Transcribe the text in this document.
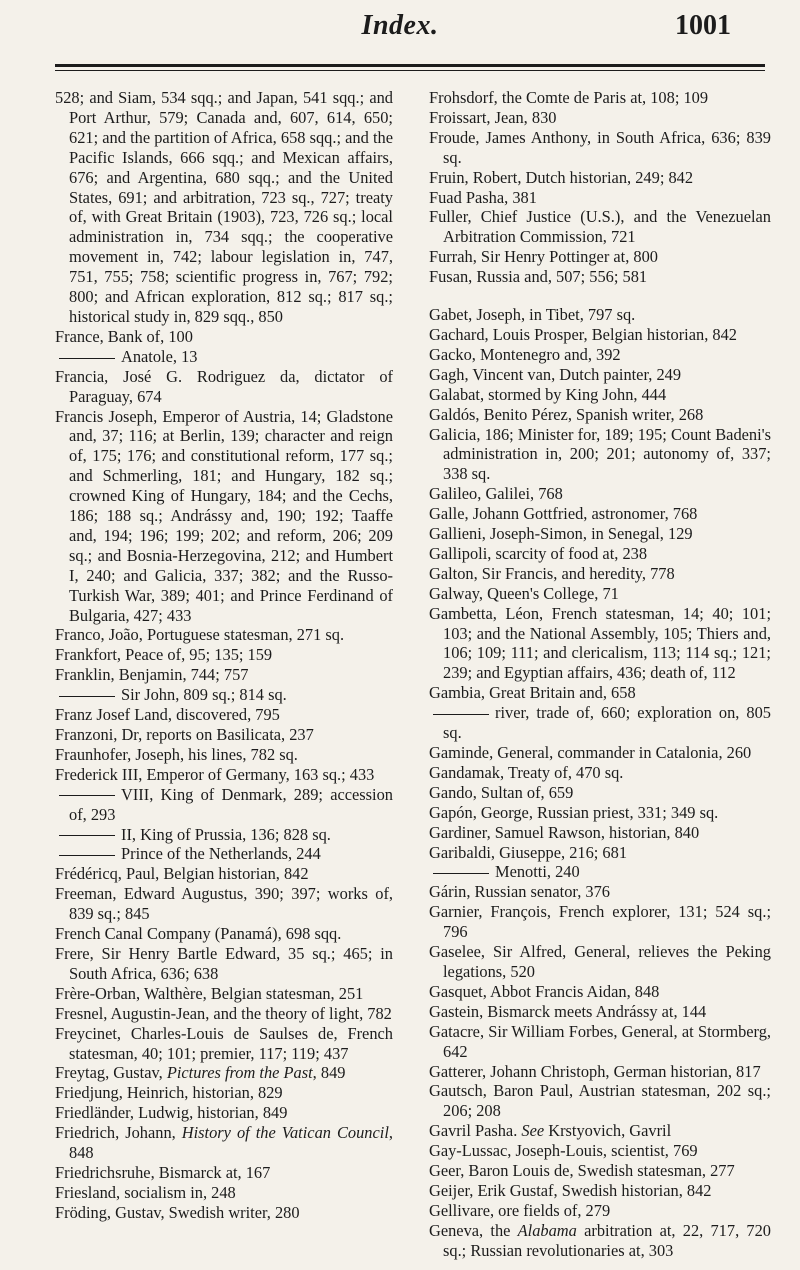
Index.	1001
528; and Siam, 534 sqq.; and Japan, 541 sqq.; and Port Arthur, 579; Canada and, 607, 614, 650; 621; and the partition of Africa, 658 sqq.; and the Pacific Islands, 666 sqq.; and Mexican affairs, 676; and Argentina, 680 sqq.; and the United States, 691; and arbitration, 723 sq., 727; treaty of, with Great Britain (1903), 723, 726 sq.; local administration in, 734 sqq.; the cooperative movement in, 742; labour legislation in, 747, 751, 755; 758; scientific progress in, 767; 792; 800; and African exploration, 812 sq.; 817 sq.; historical study in, 829 sqq., 850
France, Bank of, 100
Anatole, 13
Francia, José G. Rodriguez da, dictator of Paraguay, 674
Francis Joseph, Emperor of Austria, 14; Gladstone and, 37; 116; at Berlin, 139; character and reign of, 175; 176; and constitutional reform, 177 sq.; and Schmerling, 181; and Hungary, 182 sq.; crowned King of Hungary, 184; and the Cechs, 186; 188 sq.; Andrássy and, 190; 192; Taaffe and, 194; 196; 199; 202; and reform, 206; 209 sq.; and Bosnia-Herzegovina, 212; and Humbert I, 240; and Galicia, 337; 382; and the Russo-Turkish War, 389; 401; and Prince Ferdinand of Bulgaria, 427; 433
Franco, João, Portuguese statesman, 271 sq.
Frankfort, Peace of, 95; 135; 159
Franklin, Benjamin, 744; 757
Sir John, 809 sq.; 814 sq.
Franz Josef Land, discovered, 795
Franzoni, Dr, reports on Basilicata, 237
Fraunhofer, Joseph, his lines, 782 sq.
Frederick III, Emperor of Germany, 163 sq.; 433
VIII, King of Denmark, 289; accession of, 293
II, King of Prussia, 136; 828 sq.
Prince of the Netherlands, 244
Frédéricq, Paul, Belgian historian, 842
Freeman, Edward Augustus, 390; 397; works of, 839 sq.; 845
French Canal Company (Panamá), 698 sqq.
Frere, Sir Henry Bartle Edward, 35 sq.; 465; in South Africa, 636; 638
Frère-Orban, Walthère, Belgian statesman, 251
Fresnel, Augustin-Jean, and the theory of light, 782
Freycinet, Charles-Louis de Saulses de, French statesman, 40; 101; premier, 117; 119; 437
Freytag, Gustav, Pictures from the Past, 849
Friedjung, Heinrich, historian, 829
Friedländer, Ludwig, historian, 849
Friedrich, Johann, History of the Vatican Council, 848
Friedrichsruhe, Bismarck at, 167
Friesland, socialism in, 248
Fröding, Gustav, Swedish writer, 280
Frohsdorf, the Comte de Paris at, 108; 109
Froissart, Jean, 830
Froude, James Anthony, in South Africa, 636; 839 sq.
Fruin, Robert, Dutch historian, 249; 842
Fuad Pasha, 381
Fuller, Chief Justice (U.S.), and the Venezuelan Arbitration Commission, 721
Furrah, Sir Henry Pottinger at, 800
Fusan, Russia and, 507; 556; 581
Gabet, Joseph, in Tibet, 797 sq.
Gachard, Louis Prosper, Belgian historian, 842
Gacko, Montenegro and, 392
Gagh, Vincent van, Dutch painter, 249
Galabat, stormed by King John, 444
Galdós, Benito Pérez, Spanish writer, 268
Galicia, 186; Minister for, 189; 195; Count Badeni's administration in, 200; 201; autonomy of, 337; 338 sq.
Galileo, Galilei, 768
Galle, Johann Gottfried, astronomer, 768
Gallieni, Joseph-Simon, in Senegal, 129
Gallipoli, scarcity of food at, 238
Galton, Sir Francis, and heredity, 778
Galway, Queen's College, 71
Gambetta, Léon, French statesman, 14; 40; 101; 103; and the National Assembly, 105; Thiers and, 106; 109; 111; and clericalism, 113; 114 sq.; 121; 239; and Egyptian affairs, 436; death of, 112
Gambia, Great Britain and, 658
river, trade of, 660; exploration on, 805 sq.
Gaminde, General, commander in Catalonia, 260
Gandamak, Treaty of, 470 sq.
Gando, Sultan of, 659
Gapón, George, Russian priest, 331; 349 sq.
Gardiner, Samuel Rawson, historian, 840
Garibaldi, Giuseppe, 216; 681
Menotti, 240
Gárin, Russian senator, 376
Garnier, François, French explorer, 131; 524 sq.; 796
Gaselee, Sir Alfred, General, relieves the Peking legations, 520
Gasquet, Abbot Francis Aidan, 848
Gastein, Bismarck meets Andrássy at, 144
Gatacre, Sir William Forbes, General, at Stormberg, 642
Gatterer, Johann Christoph, German historian, 817
Gautsch, Baron Paul, Austrian statesman, 202 sq.; 206; 208
Gavril Pasha. See Krstyovich, Gavril
Gay-Lussac, Joseph-Louis, scientist, 769
Geer, Baron Louis de, Swedish statesman, 277
Geijer, Erik Gustaf, Swedish historian, 842
Gellivare, ore fields of, 279
Geneva, the Alabama arbitration at, 22, 717, 720 sq.; Russian revolutionaries at, 303
